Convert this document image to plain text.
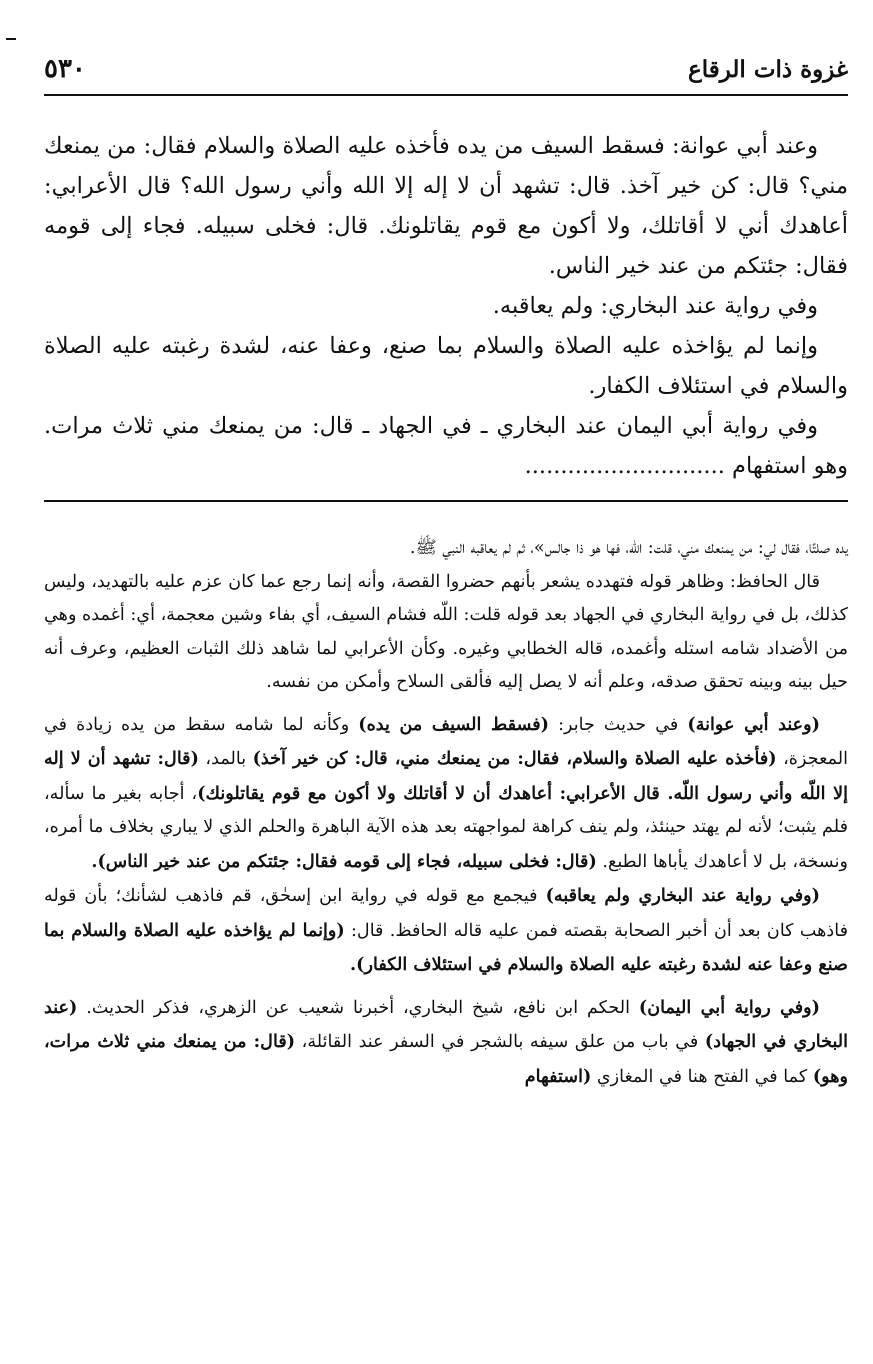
غزوة ذات الرقاع
٥٣٠

وعند أبي عوانة: فسقط السيف من يده فأخذه عليه الصلاة والسلام فقال: من يمنعك مني؟ قال: كن خير آخذ. قال: تشهد أن لا إله إلا الله وأني رسول الله؟ قال الأعرابي: أعاهدك أني لا أقاتلك، ولا أكون مع قوم يقاتلونك. قال: فخلى سبيله. فجاء إلى قومه فقال: جئتكم من عند خير الناس.

وفي رواية عند البخاري: ولم يعاقبه.

وإنما لم يؤاخذه عليه الصلاة والسلام بما صنع، وعفا عنه، لشدة رغبته عليه الصلاة والسلام في استئلاف الكفار.

وفي رواية أبي اليمان عند البخاري ـ في الجهاد ـ قال: من يمنعك مني ثلاث مرات. وهو استفهام ............................

يده صلتًا، فقال لي: من يمنعك مني، قلت: اللّه، فها هو ذا جالس»، ثم لم يعاقبه النبي ﷺ.

قال الحافظ: وظاهر قوله فتهدده يشعر بأنهم حضروا القصة، وأنه إنما رجع عما كان عزم عليه بالتهديد، وليس كذلك، بل في رواية البخاري في الجهاد بعد قوله قلت: اللّه فشام السيف، أي بفاء وشين معجمة، أي: أغمده وهي من الأضداد شامه استله وأغمده، قاله الخطابي وغيره. وكأن الأعرابي لما شاهد ذلك الثبات العظيم، وعرف أنه حيل بينه وبينه تحقق صدقه، وعلم أنه لا يصل إليه فألقى السلاح وأمكن من نفسه.

(وعند أبي عوانة) في حديث جابر: (فسقط السيف من يده) وكأنه لما شامه سقط من يده زيادة في المعجزة، (فأخذه عليه الصلاة والسلام، فقال: من يمنعك مني، قال: كن خير آخذ) بالمد، (قال: تشهد أن لا إله إلا اللّه وأني رسول اللّه. قال الأعرابي: أعاهدك أن لا أقاتلك ولا أكون مع قوم يقاتلونك)، أجابه بغير ما سأله، فلم يثبت؛ لأنه لم يهتد حينئذ، ولم ينف كراهة لمواجهته بعد هذه الآية الباهرة والحلم الذي لا يباري بخلاف ما أمره، ونسخة، بل لا أعاهدك يأباها الطبع. (قال: فخلى سبيله، فجاء إلى قومه فقال: جئتكم من عند خير الناس).

(وفي رواية عند البخاري ولم يعاقبه) فيجمع مع قوله في رواية ابن إسحٰق، قم فاذهب لشأنك؛ بأن قوله فاذهب كان بعد أن أخبر الصحابة بقصته فمن عليه قاله الحافظ. قال: (وإنما لم يؤاخذه عليه الصلاة والسلام بما صنع وعفا عنه لشدة رغبته عليه الصلاة والسلام في استئلاف الكفار).

(وفي رواية أبي اليمان) الحكم ابن نافع، شيخ البخاري، أخبرنا شعيب عن الزهري، فذكر الحديث. (عند البخاري في الجهاد) في باب من علق سيفه بالشجر في السفر عند القائلة، (قال: من يمنعك مني ثلاث مرات، وهو) كما في الفتح هنا في المغازي (استفهام
